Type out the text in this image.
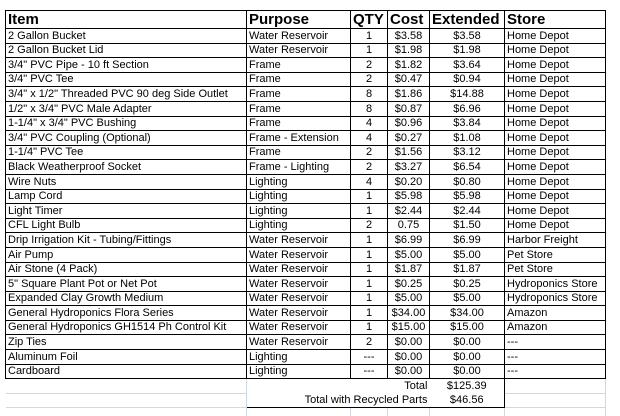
Item	Purpose	QTY	Cost	Extended	Store
2 Gallon Bucket	Water Reservoir	1	$3.58	$3.58	Home Depot
2 Gallon Bucket Lid	Water Reservoir	1	$1.98	$1.98	Home Depot
3/4" PVC Pipe - 10 ft Section	Frame	2	$1.82	$3.64	Home Depot
3/4" PVC Tee	Frame	2	$0.47	$0.94	Home Depot
3/4" x 1/2" Threaded PVC 90 deg Side Outlet	Frame	8	$1.86	$14.88	Home Depot
1/2" x 3/4" PVC Male Adapter	Frame	8	$0.87	$6.96	Home Depot
1-1/4" x 3/4" PVC Bushing	Frame	4	$0.96	$3.84	Home Depot
3/4" PVC Coupling (Optional)	Frame - Extension	4	$0.27	$1.08	Home Depot
1-1/4" PVC Tee	Frame	2	$1.56	$3.12	Home Depot
Black Weatherproof Socket	Frame - Lighting	2	$3.27	$6.54	Home Depot
Wire Nuts	Lighting	4	$0.20	$0.80	Home Depot
Lamp Cord	Lighting	1	$5.98	$5.98	Home Depot
Light Timer	Lighting	1	$2.44	$2.44	Home Depot
CFL Light Bulb	Lighting	2	0.75	$1.50	Home Depot
Drip Irrigation Kit - Tubing/Fittings	Water Reservoir	1	$6.99	$6.99	Harbor Freight
Air Pump	Water Reservoir	1	$5.00	$5.00	Pet Store
Air Stone (4 Pack)	Water Reservoir	1	$1.87	$1.87	Pet Store
5" Square Plant Pot or Net Pot	Water Reservoir	1	$0.25	$0.25	Hydroponics Store
Expanded Clay Growth Medium	Water Reservoir	1	$5.00	$5.00	Hydroponics Store
General Hydroponics Flora Series	Water Reservoir	1	$34.00	$34.00	Amazon
General Hydroponics GH1514 Ph Control Kit	Water Reservoir	1	$15.00	$15.00	Amazon
Zip Ties	Water Reservoir	2	$0.00	$0.00	---
Aluminum Foil	Lighting	---	$0.00	$0.00	---
Cardboard	Lighting	---	$0.00	$0.00	---
	Total			$125.39	
	Total with Recycled Parts			$46.56	
